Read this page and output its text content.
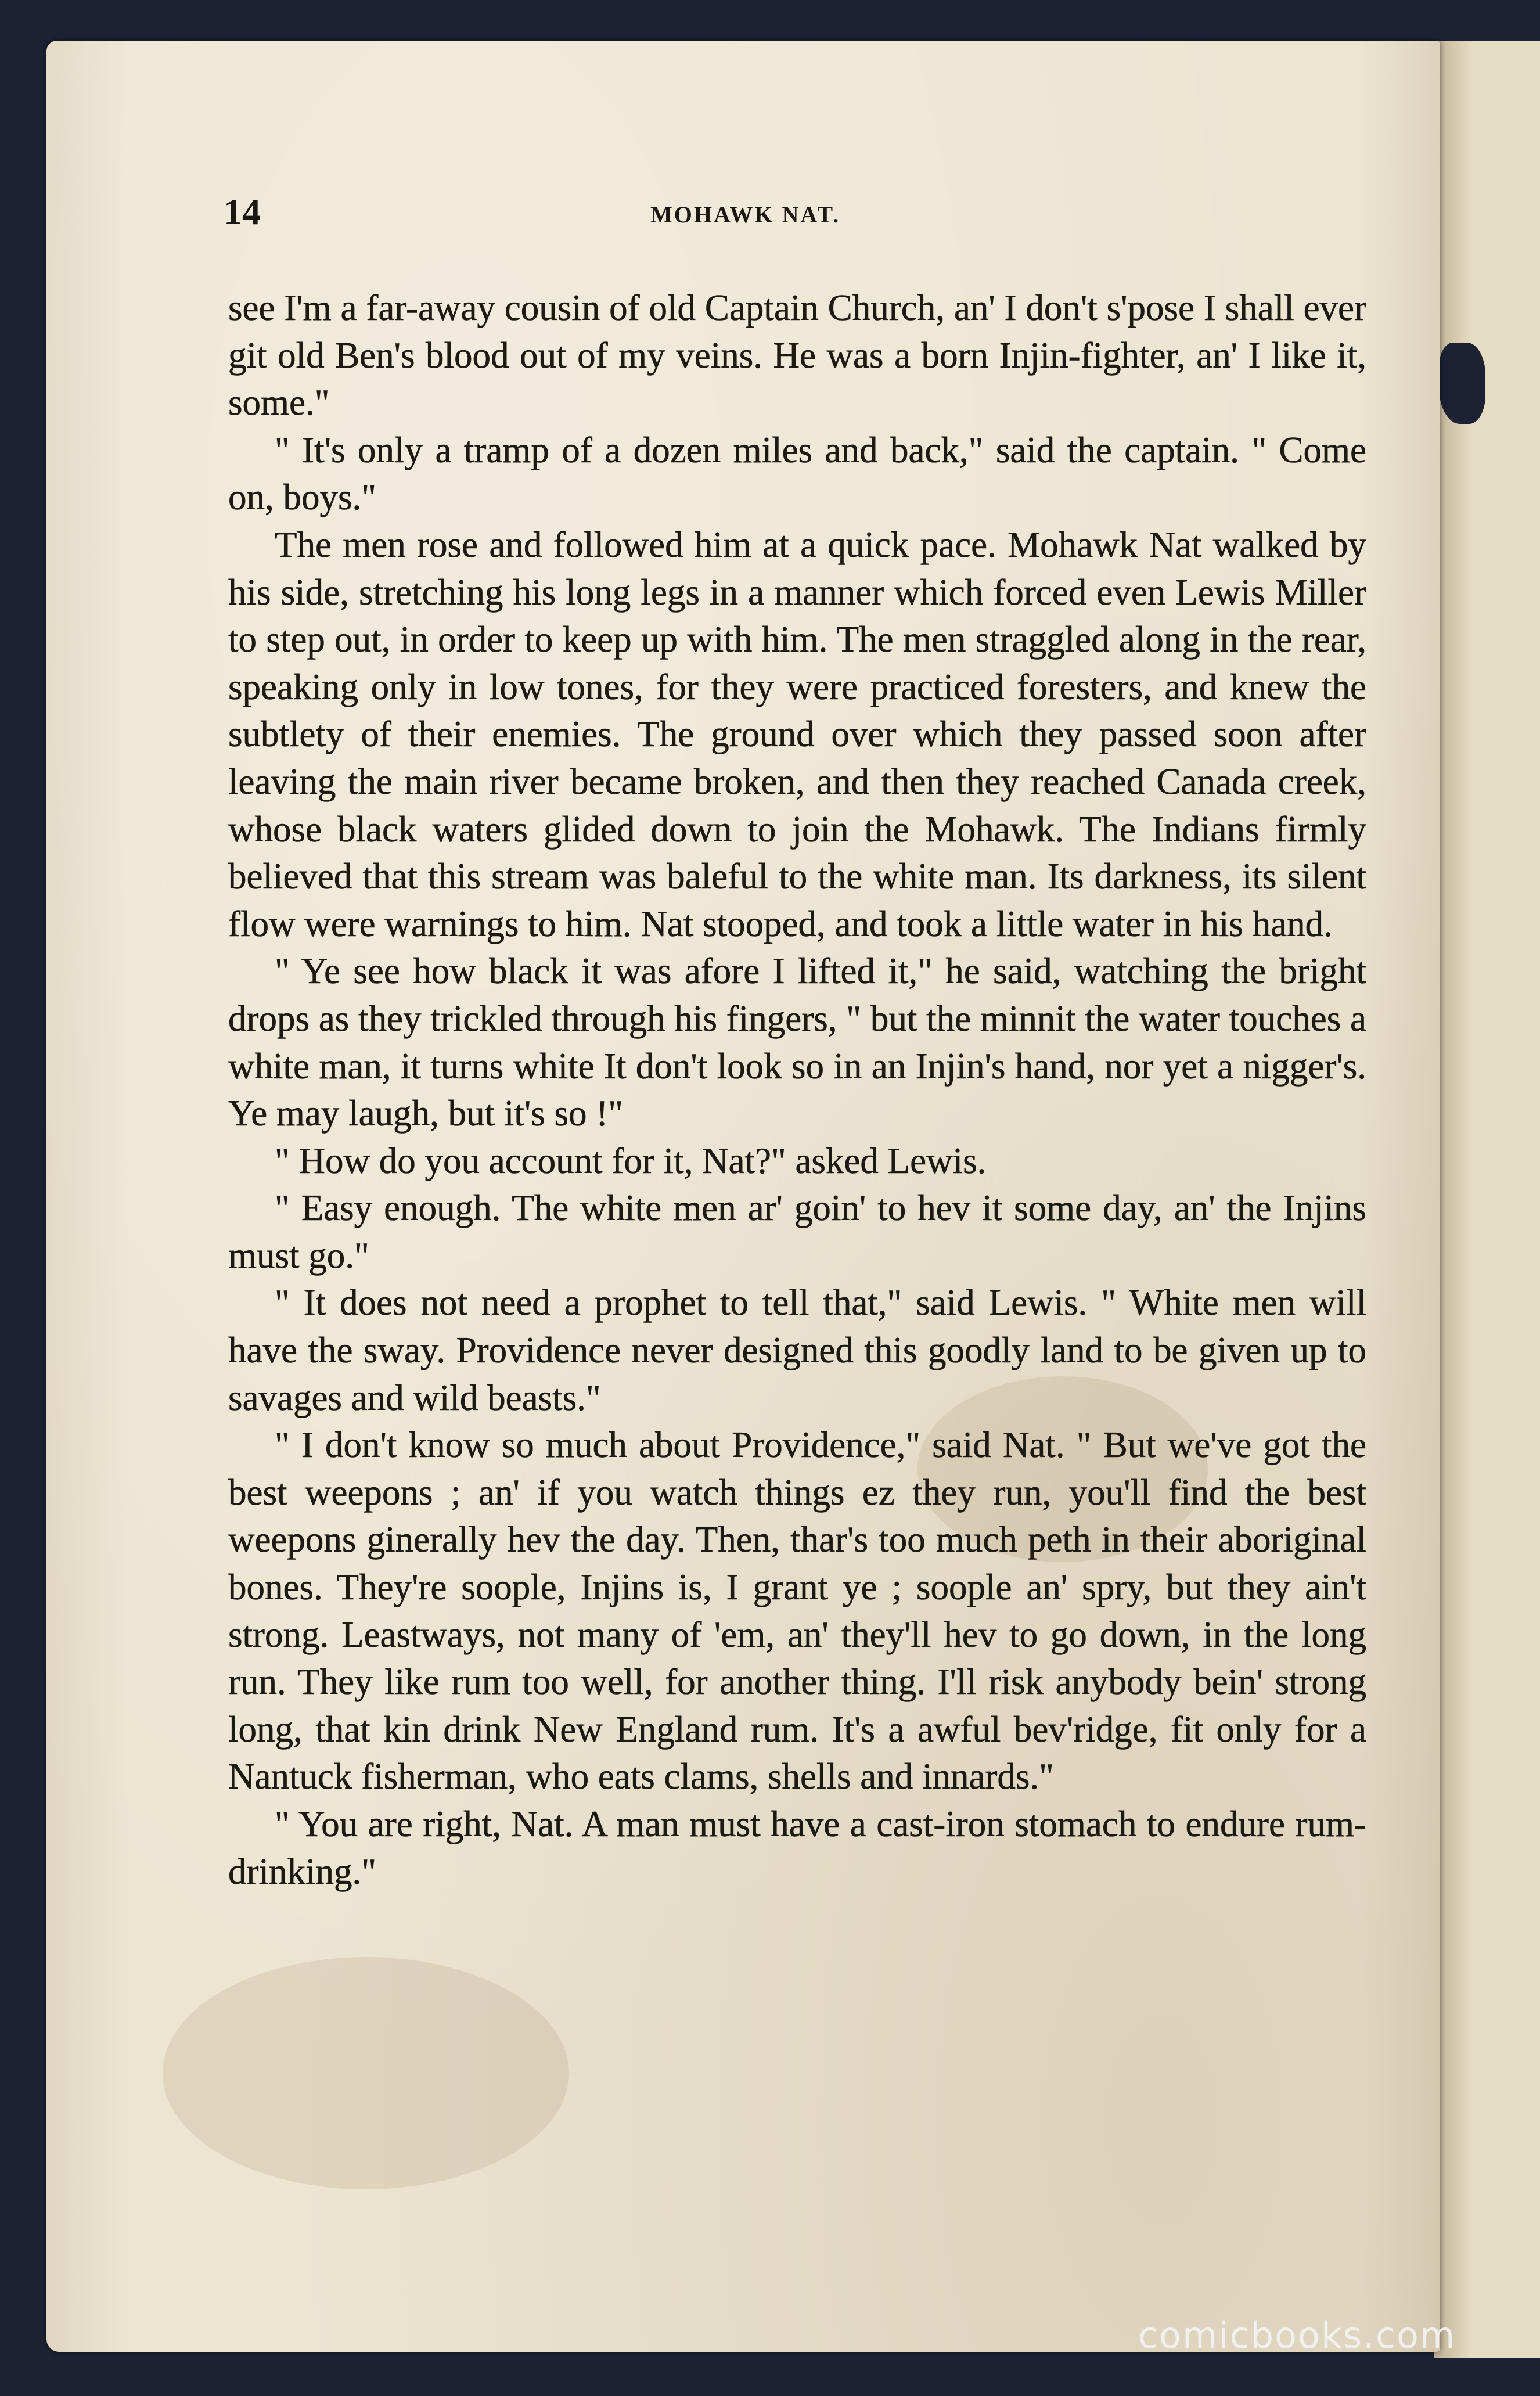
14	MOHAWK NAT.

see I'm a far-away cousin of old Captain Church, an' I don't s'pose I shall ever git old Ben's blood out of my veins. He was a born Injin-fighter, an' I like it, some."

" It's only a tramp of a dozen miles and back," said the captain. " Come on, boys."

The men rose and followed him at a quick pace. Mohawk Nat walked by his side, stretching his long legs in a manner which forced even Lewis Miller to step out, in order to keep up with him. The men straggled along in the rear, speaking only in low tones, for they were practiced foresters, and knew the subtlety of their enemies. The ground over which they passed soon after leaving the main river became broken, and then they reached Canada creek, whose black waters glided down to join the Mohawk. The Indians firmly believed that this stream was baleful to the white man. Its darkness, its silent flow were warnings to him. Nat stooped, and took a little water in his hand.

" Ye see how black it was afore I lifted it," he said, watching the bright drops as they trickled through his fingers, " but the minnit the water touches a white man, it turns white It don't look so in an Injin's hand, nor yet a nigger's. Ye may laugh, but it's so !"

" How do you account for it, Nat?" asked Lewis.

" Easy enough. The white men ar' goin' to hev it some day, an' the Injins must go."

" It does not need a prophet to tell that," said Lewis. " White men will have the sway. Providence never designed this goodly land to be given up to savages and wild beasts."

" I don't know so much about Providence," said Nat. " But we've got the best weepons ; an' if you watch things ez they run, you'll find the best weepons ginerally hev the day. Then, thar's too much peth in their aboriginal bones. They're soople, Injins is, I grant ye ; soople an' spry, but they ain't strong. Leastways, not many of 'em, an' they'll hev to go down, in the long run. They like rum too well, for another thing. I'll risk anybody bein' strong long, that kin drink New England rum. It's a awful bev'ridge, fit only for a Nantuck fisherman, who eats clams, shells and innards."

" You are right, Nat. A man must have a cast-iron stomach to endure rum-drinking."

comicbooks.com
